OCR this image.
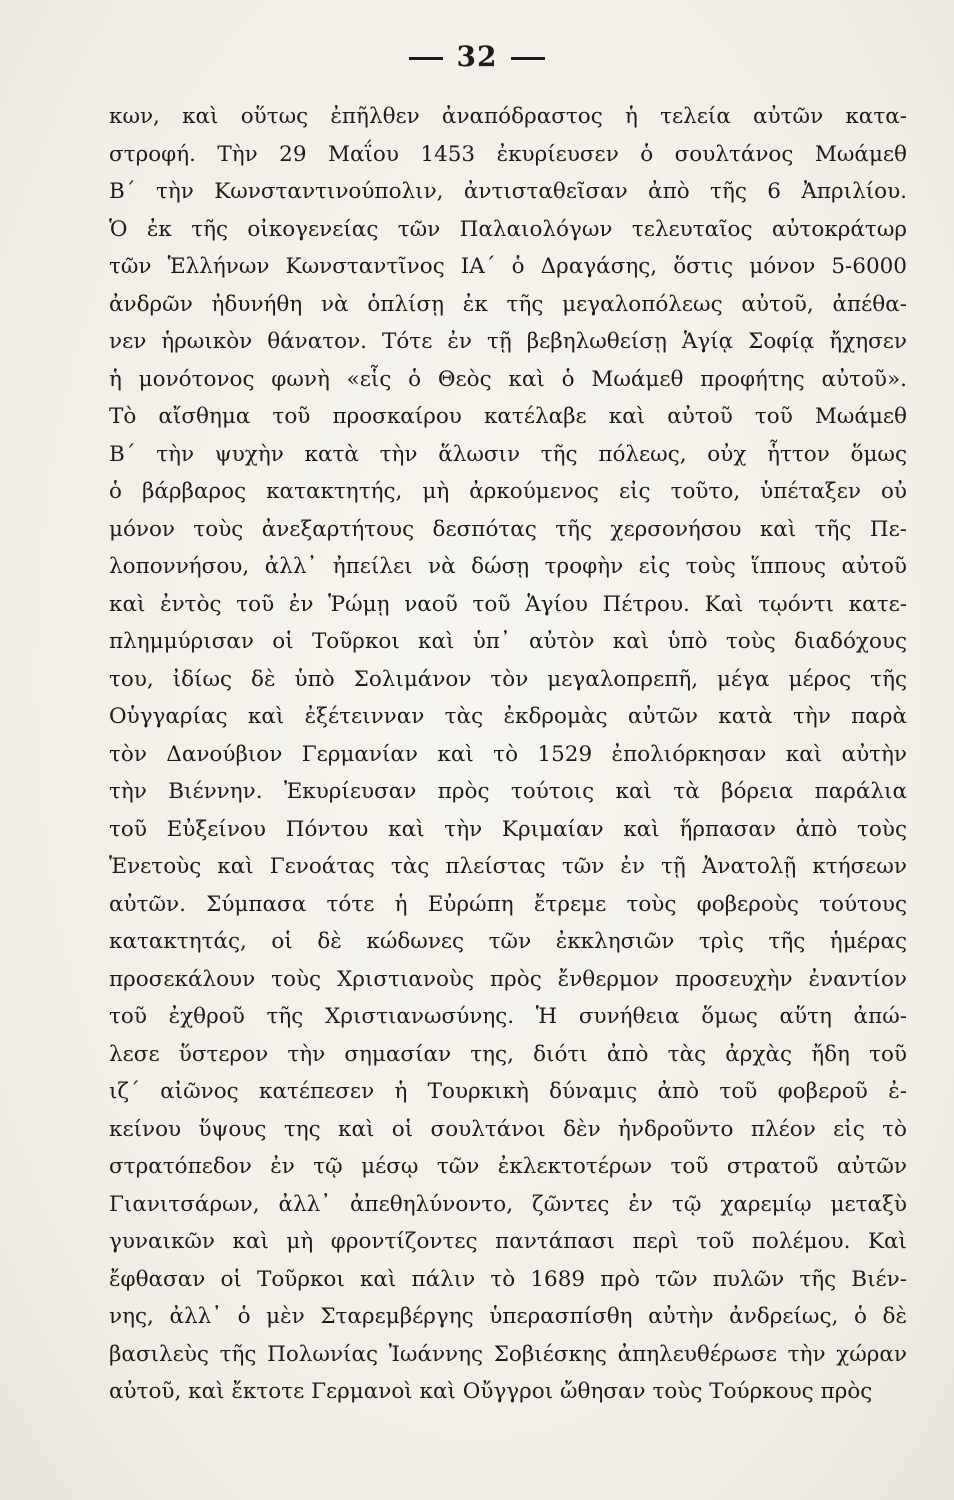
32
κων, καὶ οὕτως ἐπῆλθεν ἀναπόδραστος ἡ τελεία αὐτῶν κατα-
στροφή. Τὴν 29 Μαΐου 1453 ἐκυρίευσεν ὁ σουλτάνος Μωάμεθ
Β΄ τὴν Κωνσταντινούπολιν, ἀντισταθεῖσαν ἀπὸ τῆς 6 Ἀπριλίου.
Ὁ ἐκ τῆς οἰκογενείας τῶν Παλαιολόγων τελευταῖος αὐτοκράτωρ
τῶν Ἑλλήνων Κωνσταντῖνος ΙΑ΄ ὁ Δραγάσης, ὅστις μόνον 5-6000
ἀνδρῶν ἠδυνήθη νὰ ὁπλίσῃ ἐκ τῆς μεγαλοπόλεως αὐτοῦ, ἀπέθα-
νεν ἡρωικὸν θάνατον. Τότε ἐν τῇ βεβηλωθείσῃ Ἁγίᾳ Σοφίᾳ ἤχησεν
ἡ μονότονος φωνὴ «εἷς ὁ Θεὸς καὶ ὁ Μωάμεθ προφήτης αὐτοῦ».
Τὸ αἴσθημα τοῦ προσκαίρου κατέλαβε καὶ αὐτοῦ τοῦ Μωάμεθ
Β΄ τὴν ψυχὴν κατὰ τὴν ἅλωσιν τῆς πόλεως, οὐχ ἧττον ὅμως
ὁ βάρβαρος κατακτητής, μὴ ἀρκούμενος εἰς τοῦτο, ὑπέταξεν οὐ
μόνον τοὺς ἀνεξαρτήτους δεσπότας τῆς χερσονήσου καὶ τῆς Πε-
λοποννήσου, ἀλλ᾽ ἠπείλει νὰ δώσῃ τροφὴν εἰς τοὺς ἵππους αὐτοῦ
καὶ ἐντὸς τοῦ ἐν Ῥώμῃ ναοῦ τοῦ Ἁγίου Πέτρου. Καὶ τῳόντι κατε-
πλημμύρισαν οἱ Τοῦρκοι καὶ ὑπ᾽ αὐτὸν καὶ ὑπὸ τοὺς διαδόχους
του, ἰδίως δὲ ὑπὸ Σολιμάνον τὸν μεγαλοπρεπῆ, μέγα μέρος τῆς
Οὑγγαρίας καὶ ἐξέτεινναν τὰς ἐκδρομὰς αὐτῶν κατὰ τὴν παρὰ
τὸν Δανούβιον Γερμανίαν καὶ τὸ 1529 ἐπολιόρκησαν καὶ αὐτὴν
τὴν Βιέννην. Ἐκυρίευσαν πρὸς τούτοις καὶ τὰ βόρεια παράλια
τοῦ Εὐξείνου Πόντου καὶ τὴν Κριμαίαν καὶ ἥρπασαν ἀπὸ τοὺς
Ἑνετοὺς καὶ Γενοάτας τὰς πλείστας τῶν ἐν τῇ Ἀνατολῇ κτήσεων
αὐτῶν. Σύμπασα τότε ἡ Εὐρώπη ἔτρεμε τοὺς φοβεροὺς τούτους
κατακτητάς, οἱ δὲ κώδωνες τῶν ἐκκλησιῶν τρὶς τῆς ἡμέρας
προσεκάλουν τοὺς Χριστιανοὺς πρὸς ἔνθερμον προσευχὴν ἐναντίον
τοῦ ἐχθροῦ τῆς Χριστιανωσύνης. Ἡ συνήθεια ὅμως αὕτη ἀπώ-
λεσε ὕστερον τὴν σημασίαν της, διότι ἀπὸ τὰς ἀρχὰς ἤδη τοῦ
ιζ΄ αἰῶνος κατέπεσεν ἡ Τουρκικὴ δύναμις ἀπὸ τοῦ φοβεροῦ ἐ-
κείνου ὕψους της καὶ οἱ σουλτάνοι δὲν ἠνδροῦντο πλέον εἰς τὸ
στρατόπεδον ἐν τῷ μέσῳ τῶν ἐκλεκτοτέρων τοῦ στρατοῦ αὐτῶν
Γιανιτσάρων, ἀλλ᾽ ἀπεθηλύνοντο, ζῶντες ἐν τῷ χαρεμίῳ μεταξὺ
γυναικῶν καὶ μὴ φροντίζοντες παντάπασι περὶ τοῦ πολέμου. Καὶ
ἔφθασαν οἱ Τοῦρκοι καὶ πάλιν τὸ 1689 πρὸ τῶν πυλῶν τῆς Βιέν-
νης, ἀλλ᾽ ὁ μὲν Σταρεμβέργης ὑπερασπίσθη αὐτὴν ἀνδρείως, ὁ δὲ
βασιλεὺς τῆς Πολωνίας Ἰωάννης Σοβιέσκης ἀπηλευθέρωσε τὴν χώραν
αὐτοῦ, καὶ ἔκτοτε Γερμανοὶ καὶ Οὔγγροι ὤθησαν τοὺς Τούρκους πρὸς
